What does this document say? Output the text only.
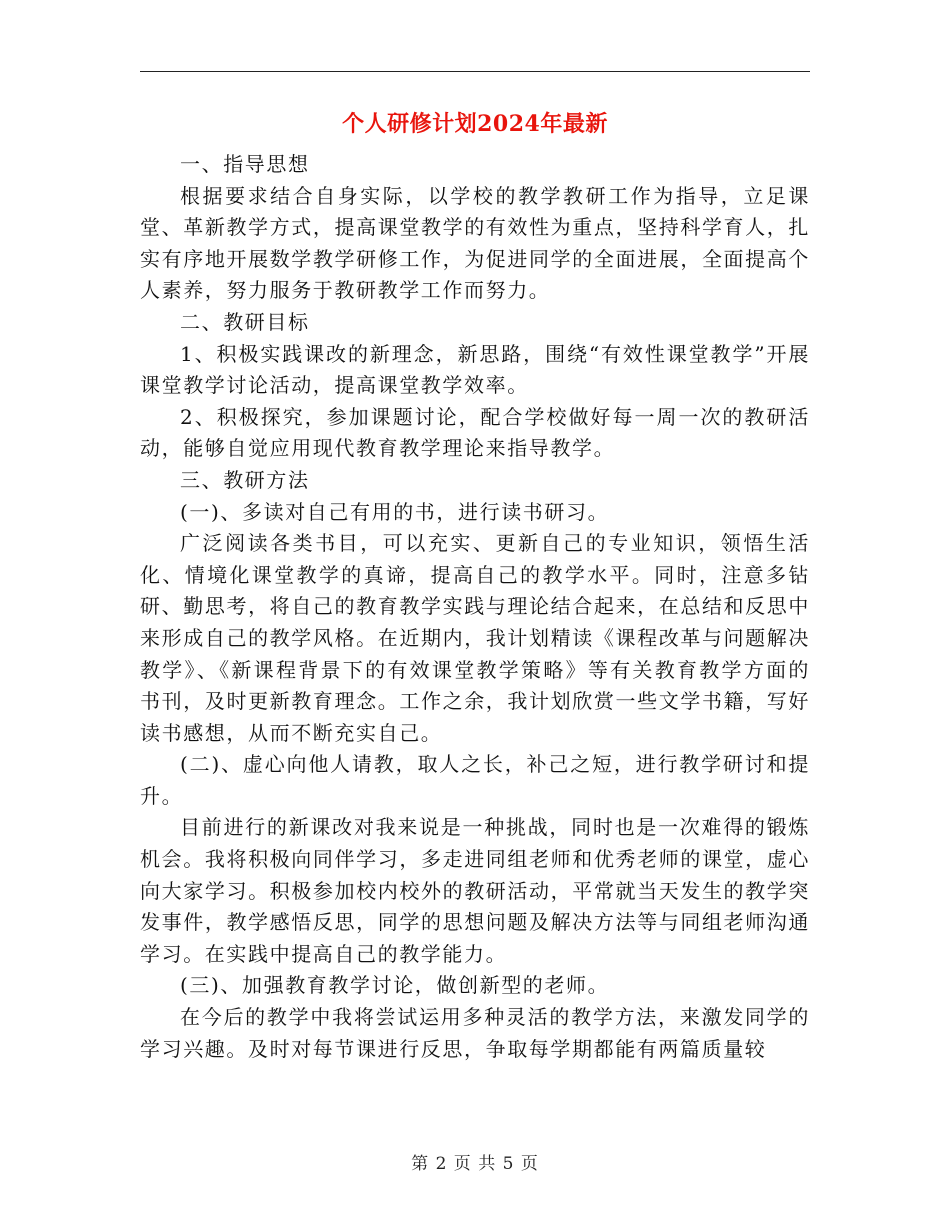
个人研修计划2024年最新

一、指导思想

根据要求结合自身实际，以学校的教学教研工作为指导，立足课堂、革新教学方式，提高课堂教学的有效性为重点，坚持科学育人，扎实有序地开展数学教学研修工作，为促进同学的全面进展，全面提高个人素养，努力服务于教研教学工作而努力。

二、教研目标

1、积极实践课改的新理念，新思路，围绕“有效性课堂教学”开展课堂教学讨论活动，提高课堂教学效率。

2、积极探究，参加课题讨论，配合学校做好每一周一次的教研活动，能够自觉应用现代教育教学理论来指导教学。

三、教研方法

(一)、多读对自己有用的书，进行读书研习。

广泛阅读各类书目，可以充实、更新自己的专业知识，领悟生活化、情境化课堂教学的真谛，提高自己的教学水平。同时，注意多钻研、勤思考，将自己的教育教学实践与理论结合起来，在总结和反思中来形成自己的教学风格。在近期内，我计划精读《课程改革与问题解决教学》、《新课程背景下的有效课堂教学策略》等有关教育教学方面的书刊，及时更新教育理念。工作之余，我计划欣赏一些文学书籍，写好读书感想，从而不断充实自己。

(二)、虚心向他人请教，取人之长，补己之短，进行教学研讨和提升。

目前进行的新课改对我来说是一种挑战，同时也是一次难得的锻炼机会。我将积极向同伴学习，多走进同组老师和优秀老师的课堂，虚心向大家学习。积极参加校内校外的教研活动，平常就当天发生的教学突发事件，教学感悟反思，同学的思想问题及解决方法等与同组老师沟通学习。在实践中提高自己的教学能力。

(三)、加强教育教学讨论，做创新型的老师。

在今后的教学中我将尝试运用多种灵活的教学方法，来激发同学的学习兴趣。及时对每节课进行反思，争取每学期都能有两篇质量较

第 2 页 共 5 页
